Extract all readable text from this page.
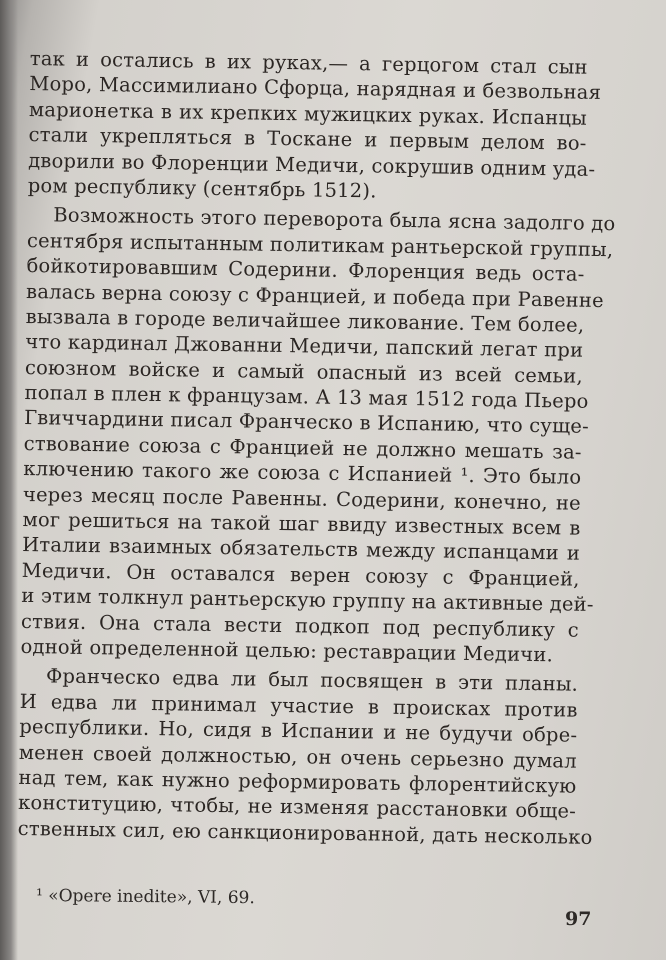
так и остались в их руках,— а герцогом стал сын
Моро, Массимилиано Сфорца, нарядная и безвольная
марионетка в их крепких мужицких руках. Испанцы
стали укрепляться в Тоскане и первым делом во-
дворили во Флоренции Медичи, сокрушив одним уда-
ром республику (сентябрь 1512).
Возможность этого переворота была ясна задолго до
сентября испытанным политикам рантьерской группы,
бойкотировавшим Содерини. Флоренция ведь оста-
валась верна союзу с Францией, и победа при Равенне
вызвала в городе величайшее ликование. Тем более,
что кардинал Джованни Медичи, папский легат при
союзном войске и самый опасный из всей семьи,
попал в плен к французам. А 13 мая 1512 года Пьеро
Гвиччардини писал Франческо в Испанию, что суще-
ствование союза с Францией не должно мешать за-
ключению такого же союза с Испанией ¹. Это было
через месяц после Равенны. Содерини, конечно, не
мог решиться на такой шаг ввиду известных всем в
Италии взаимных обязательств между испанцами и
Медичи. Он оставался верен союзу с Францией,
и этим толкнул рантьерскую группу на активные дей-
ствия. Она стала вести подкоп под республику с
одной определенной целью: реставрации Медичи.
Франческо едва ли был посвящен в эти планы.
И едва ли принимал участие в происках против
республики. Но, сидя в Испании и не будучи обре-
менен своей должностью, он очень серьезно думал
над тем, как нужно реформировать флорентийскую
конституцию, чтобы, не изменяя расстановки обще-
ственных сил, ею санкционированной, дать несколько
¹ «Opere inedite», VI, 69.
97
